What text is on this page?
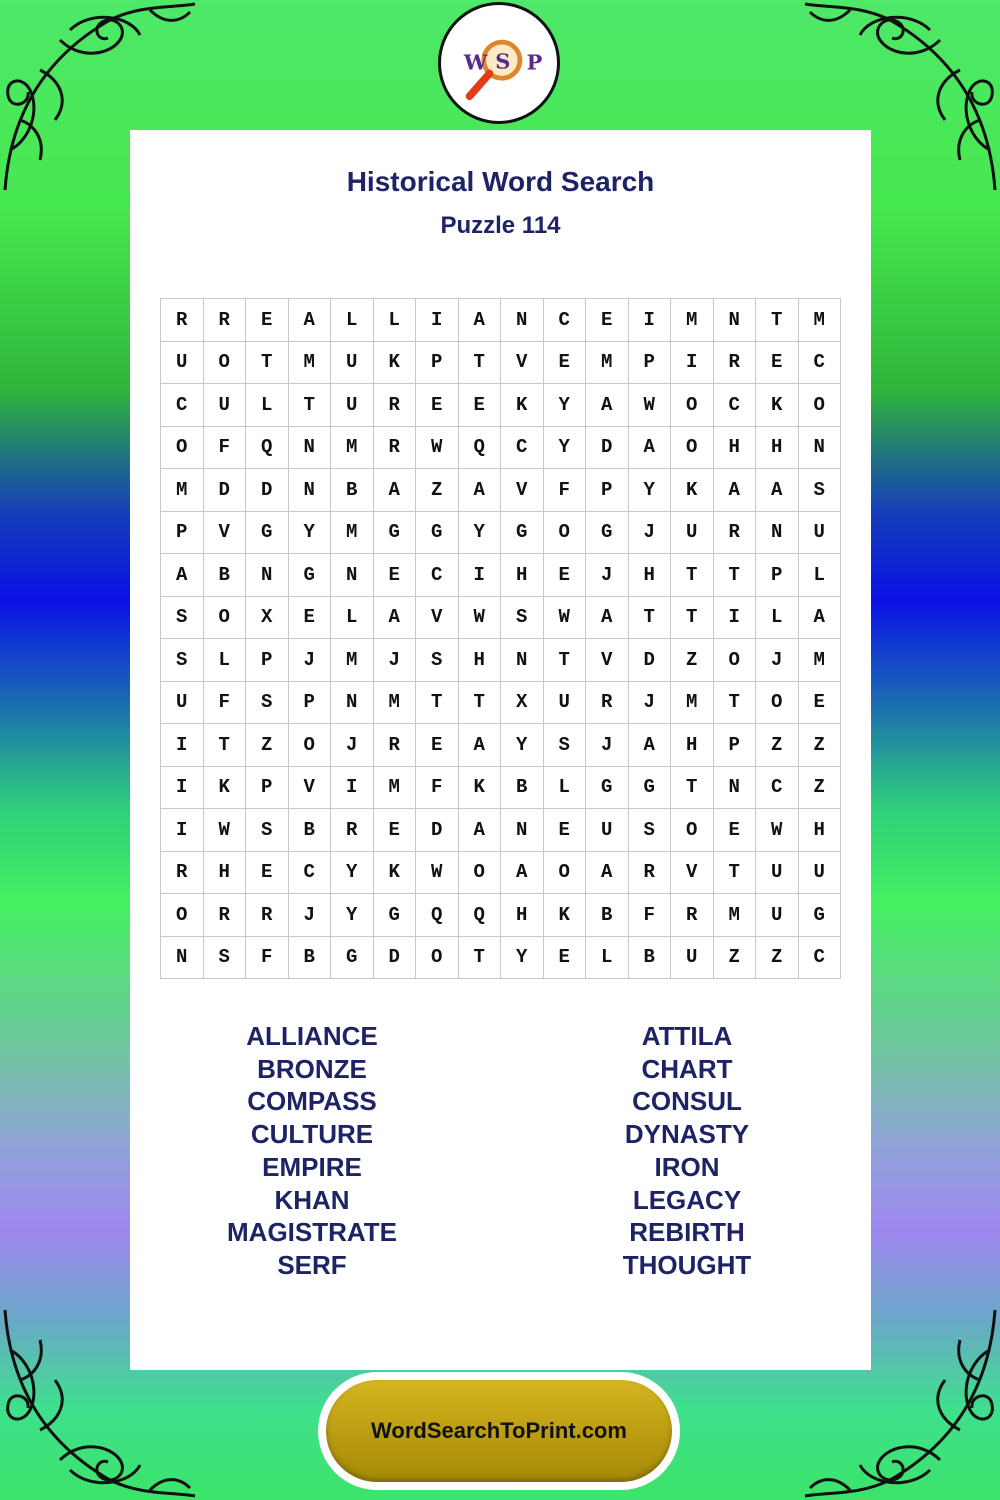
W S P
Historical Word Search
Puzzle 114
R	R	E	A	L	L	I	A	N	C	E	I	M	N	T	M
U	O	T	M	U	K	P	T	V	E	M	P	I	R	E	C
C	U	L	T	U	R	E	E	K	Y	A	W	O	C	K	O
O	F	Q	N	M	R	W	Q	C	Y	D	A	O	H	H	N
M	D	D	N	B	A	Z	A	V	F	P	Y	K	A	A	S
P	V	G	Y	M	G	G	Y	G	O	G	J	U	R	N	U
A	B	N	G	N	E	C	I	H	E	J	H	T	T	P	L
S	O	X	E	L	A	V	W	S	W	A	T	T	I	L	A
S	L	P	J	M	J	S	H	N	T	V	D	Z	O	J	M
U	F	S	P	N	M	T	T	X	U	R	J	M	T	O	E
I	T	Z	O	J	R	E	A	Y	S	J	A	H	P	Z	Z
I	K	P	V	I	M	F	K	B	L	G	G	T	N	C	Z
I	W	S	B	R	E	D	A	N	E	U	S	O	E	W	H
R	H	E	C	Y	K	W	O	A	O	A	R	V	T	U	U
O	R	R	J	Y	G	Q	Q	H	K	B	F	R	M	U	G
N	S	F	B	G	D	O	T	Y	E	L	B	U	Z	Z	C
ALLIANCE
BRONZE
COMPASS
CULTURE
EMPIRE
KHAN
MAGISTRATE
SERF
ATTILA
CHART
CONSUL
DYNASTY
IRON
LEGACY
REBIRTH
THOUGHT
WordSearchToPrint.com
